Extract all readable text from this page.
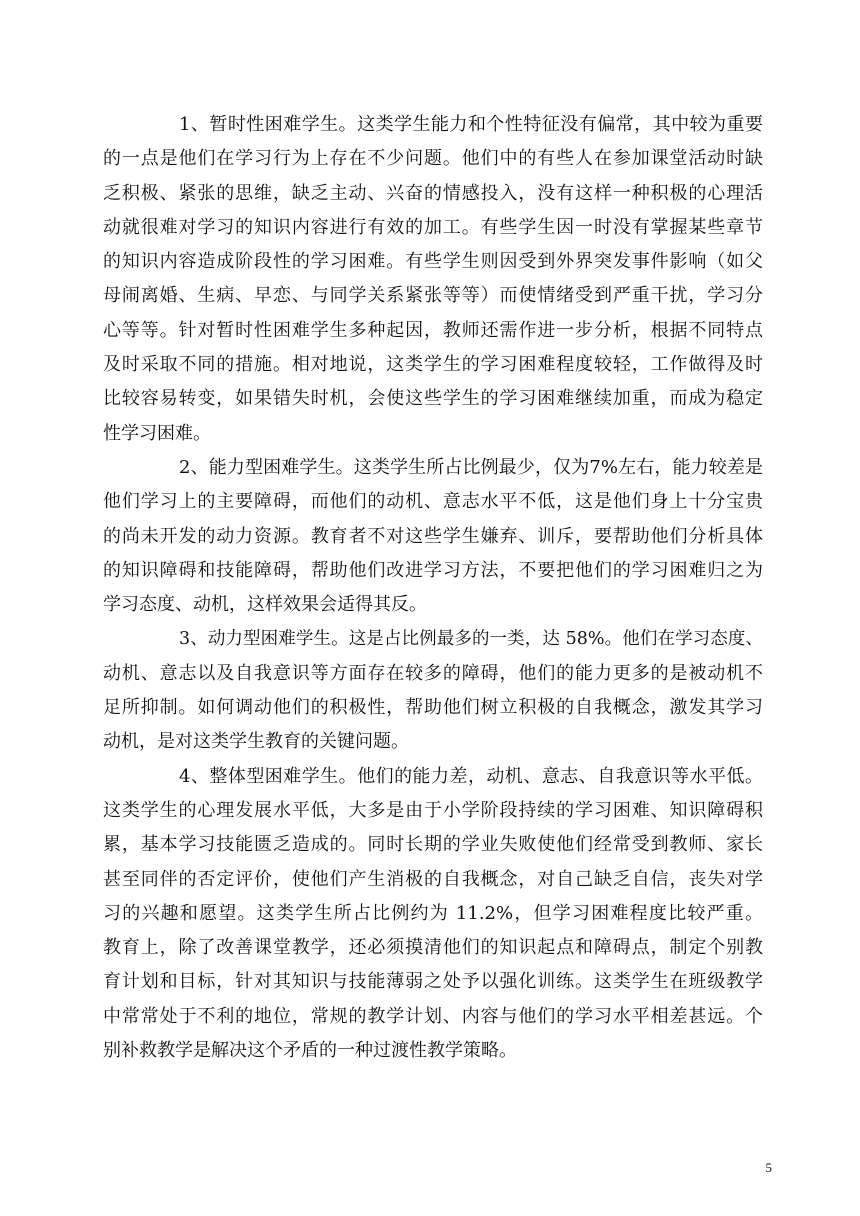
1、暂时性困难学生。这类学生能力和个性特征没有偏常，其中较为重要
的一点是他们在学习行为上存在不少问题。他们中的有些人在参加课堂活动时缺
乏积极、紧张的思维，缺乏主动、兴奋的情感投入，没有这样一种积极的心理活
动就很难对学习的知识内容进行有效的加工。有些学生因一时没有掌握某些章节
的知识内容造成阶段性的学习困难。有些学生则因受到外界突发事件影响（如父
母闹离婚、生病、早恋、与同学关系紧张等等）而使情绪受到严重干扰，学习分
心等等。针对暂时性困难学生多种起因，教师还需作进一步分析，根据不同特点
及时采取不同的措施。相对地说，这类学生的学习困难程度较轻，工作做得及时
比较容易转变，如果错失时机，会使这些学生的学习困难继续加重，而成为稳定
性学习困难。
2、能力型困难学生。这类学生所占比例最少，仅为7%左右，能力较差是
他们学习上的主要障碍，而他们的动机、意志水平不低，这是他们身上十分宝贵
的尚未开发的动力资源。教育者不对这些学生嫌弃、训斥，要帮助他们分析具体
的知识障碍和技能障碍，帮助他们改进学习方法，不要把他们的学习困难归之为
学习态度、动机，这样效果会适得其反。
3、动力型困难学生。这是占比例最多的一类，达 58%。他们在学习态度、
动机、意志以及自我意识等方面存在较多的障碍，他们的能力更多的是被动机不
足所抑制。如何调动他们的积极性，帮助他们树立积极的自我概念，激发其学习
动机，是对这类学生教育的关键问题。
4、整体型困难学生。他们的能力差，动机、意志、自我意识等水平低。
这类学生的心理发展水平低，大多是由于小学阶段持续的学习困难、知识障碍积
累，基本学习技能匮乏造成的。同时长期的学业失败使他们经常受到教师、家长
甚至同伴的否定评价，使他们产生消极的自我概念，对自己缺乏自信，丧失对学
习的兴趣和愿望。这类学生所占比例约为 11.2%，但学习困难程度比较严重。
教育上，除了改善课堂教学，还必须摸清他们的知识起点和障碍点，制定个别教
育计划和目标，针对其知识与技能薄弱之处予以强化训练。这类学生在班级教学
中常常处于不利的地位，常规的教学计划、内容与他们的学习水平相差甚远。个
别补救教学是解决这个矛盾的一种过渡性教学策略。
5
